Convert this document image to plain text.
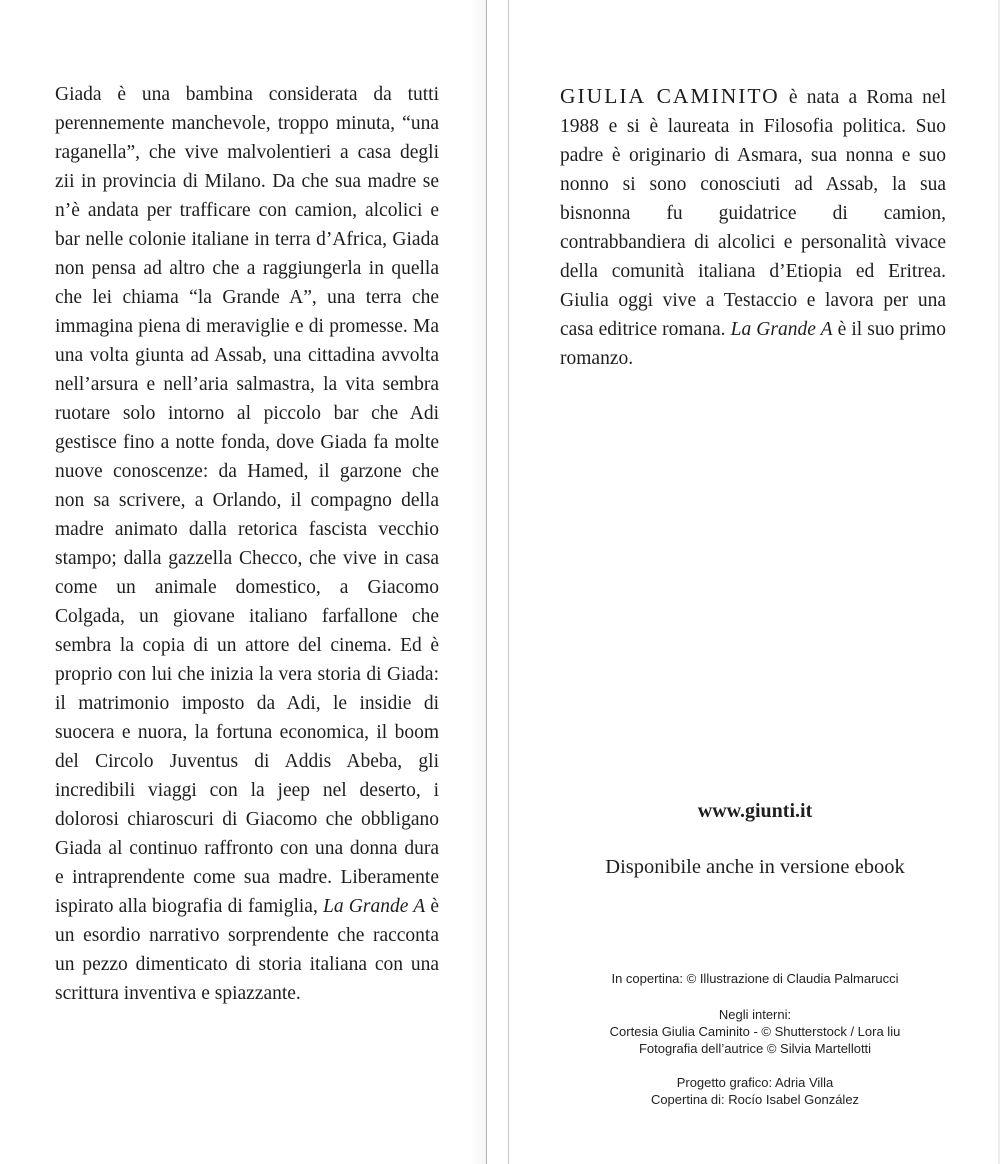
Giada è una bambina considerata da tutti perennemente manchevole, troppo minuta, “una raganella”, che vive malvolentieri a casa degli zii in provincia di Milano. Da che sua madre se n’è andata per trafficare con camion, alcolici e bar nelle colonie italiane in terra d’Africa, Giada non pensa ad altro che a raggiungerla in quella che lei chiama “la Grande A”, una terra che immagina piena di meraviglie e di promesse. Ma una volta giunta ad Assab, una cittadina avvolta nell’arsura e nell’aria salmastra, la vita sembra ruotare solo intorno al piccolo bar che Adi gestisce fino a notte fonda, dove Giada fa molte nuove conoscenze: da Hamed, il garzone che non sa scrivere, a Orlando, il compagno della madre animato dalla retorica fascista vecchio stampo; dalla gazzella Checco, che vive in casa come un animale domestico, a Giacomo Colgada, un giovane italiano farfallone che sembra la copia di un attore del cinema. Ed è proprio con lui che inizia la vera storia di Giada: il matrimonio imposto da Adi, le insidie di suocera e nuora, la fortuna economica, il boom del Circolo Juventus di Addis Abeba, gli incredibili viaggi con la jeep nel deserto, i dolorosi chiaroscuri di Giacomo che obbligano Giada al continuo raffronto con una donna dura e intraprendente come sua madre. Liberamente ispirato alla biografia di famiglia, La Grande A è un esordio narrativo sorprendente che racconta un pezzo dimenticato di storia italiana con una scrittura inventiva e spiazzante.

GIULIA CAMINITO è nata a Roma nel 1988 e si è laureata in Filosofia politica. Suo padre è originario di Asmara, sua nonna e suo nonno si sono conosciuti ad Assab, la sua bisnonna fu guidatrice di camion, contrabbandiera di alcolici e personalità vivace della comunità italiana d’Etiopia ed Eritrea. Giulia oggi vive a Testaccio e lavora per una casa editrice romana. La Grande A è il suo primo romanzo.

www.giunti.it
Disponibile anche in versione ebook

In copertina: © Illustrazione di Claudia Palmarucci

Negli interni:

Cortesia Giulia Caminito - © Shutterstock / Lora liu

Fotografia dell’autrice © Silvia Martellotti

Progetto grafico: Adria Villa

Copertina di: Rocío Isabel González
